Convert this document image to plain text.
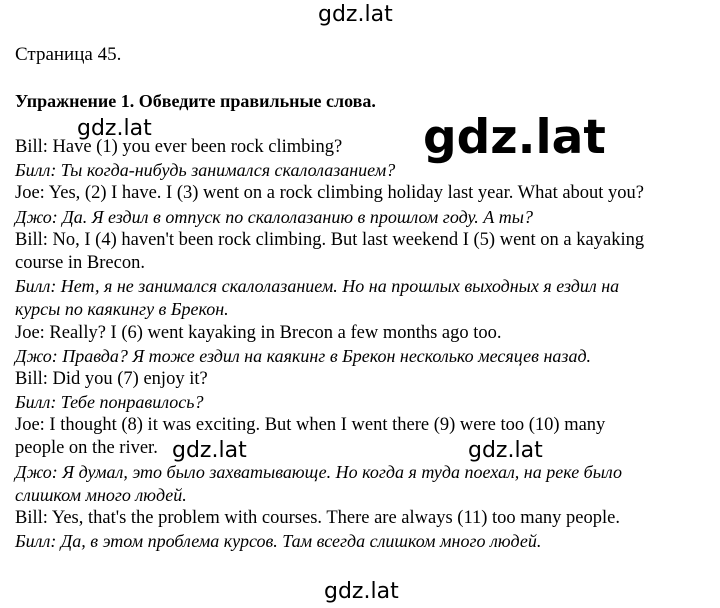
gdz.lat
Страница 45.
Упражнение 1. Обведите правильные слова.
Bill: Have (1) you ever been rock climbing?
Билл: Ты когда-нибудь занимался скалолазанием?
Joe: Yes, (2) I have. I (3) went on a rock climbing holiday last year. What about you?
Джо: Да. Я ездил в отпуск по скалолазанию в прошлом году. А ты?
Bill: No, I (4) haven't been rock climbing. But last weekend I (5) went on a kayaking
course in Brecon.
Билл: Нет, я не занимался скалолазанием. Но на прошлых выходных я ездил на
курсы по каякингу в Брекон.
Joe: Really? I (6) went kayaking in Brecon a few months ago too.
Джо: Правда? Я тоже ездил на каякинг в Брекон несколько месяцев назад.
Bill: Did you (7) enjoy it?
Билл: Тебе понравилось?
Joe: I thought (8) it was exciting. But when I went there (9) were too (10) many
people on the river.
Джо: Я думал, это было захватывающе. Но когда я туда поехал, на реке было
слишком много людей.
Bill: Yes, that's the problem with courses. There are always (11) too many people.
Билл: Да, в этом проблема курсов. Там всегда слишком много людей.
gdz.lat	gdz.lat
gdz.lat	gdz.lat
gdz.lat
